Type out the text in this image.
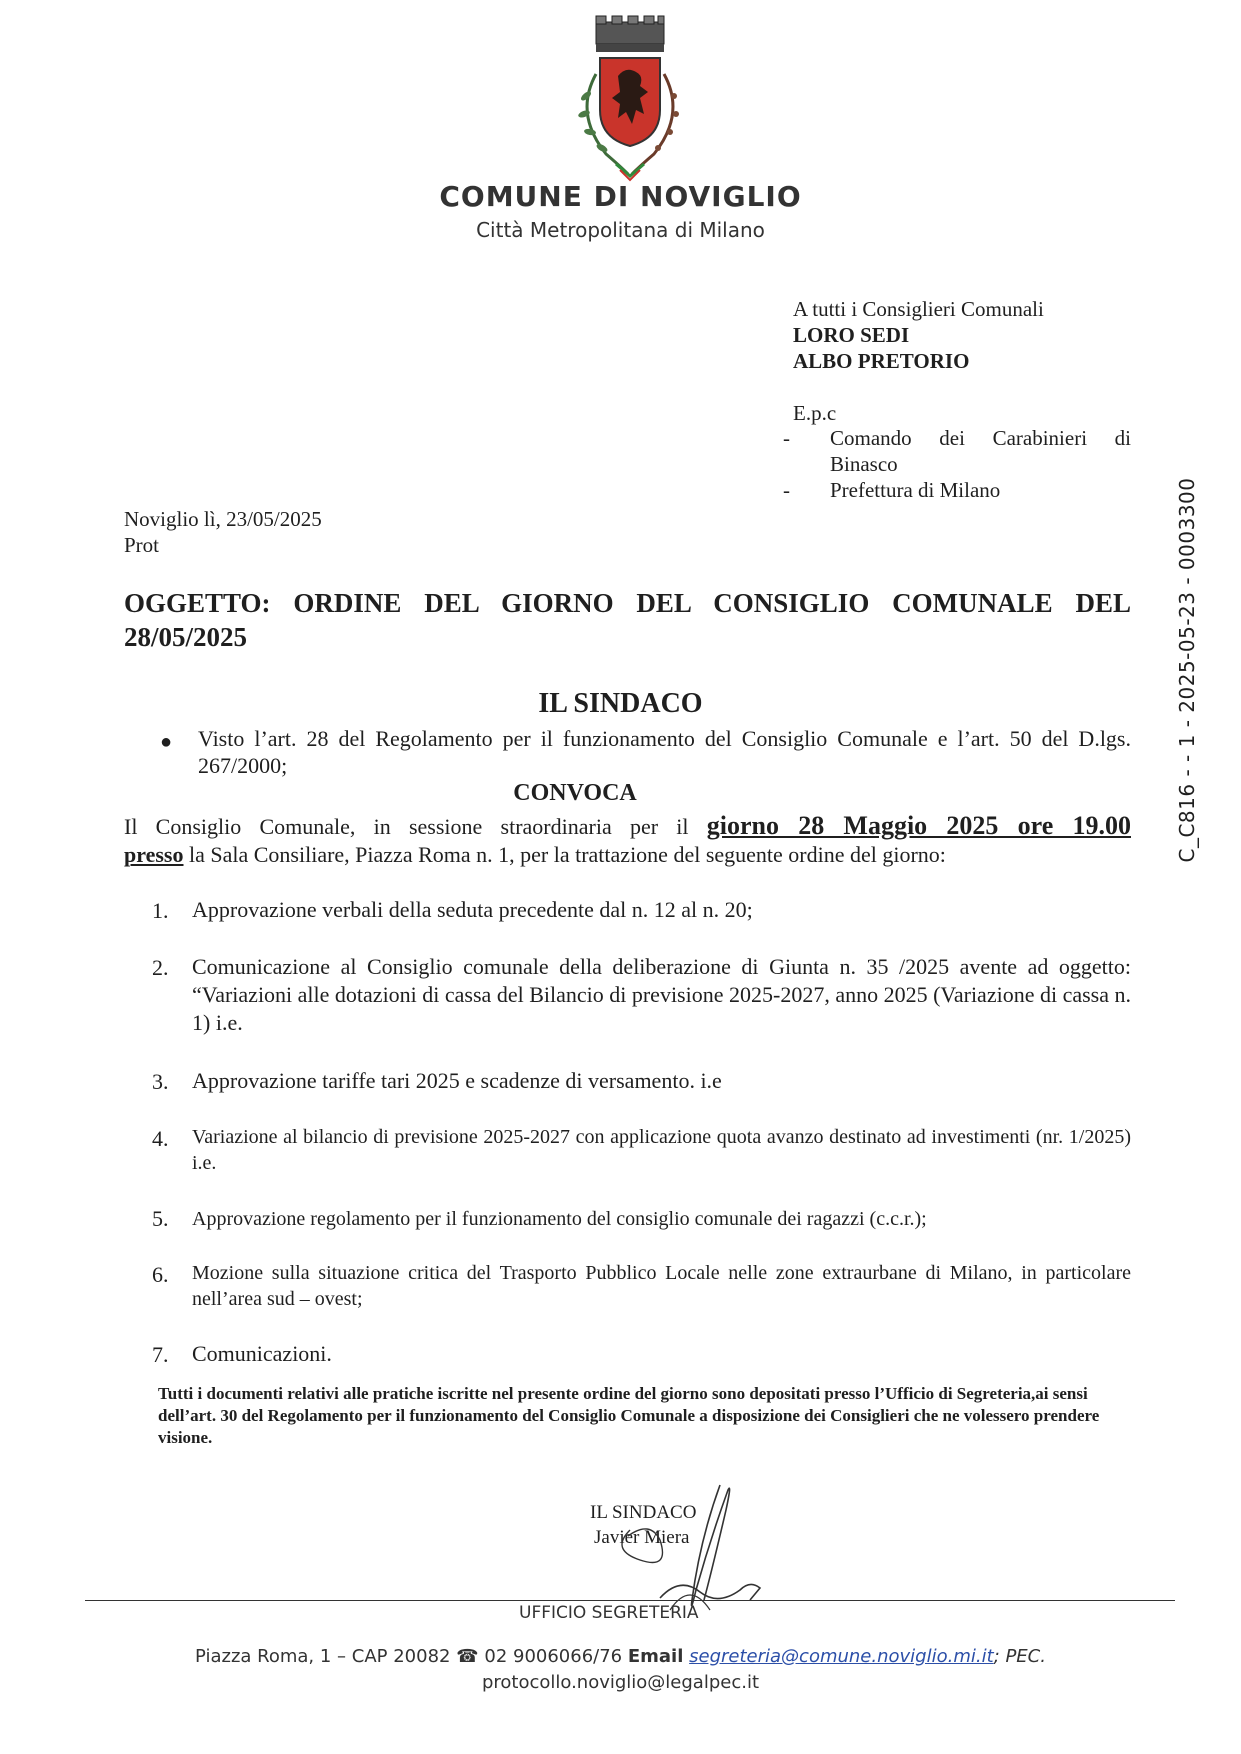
COMUNE DI NOVIGLIO
Città Metropolitana di Milano
A tutti i Consiglieri Comunali
LORO SEDI
ALBO PRETORIO
E.p.c
- Comando dei Carabinieri di
Binasco
- Prefettura di Milano
Noviglio lì, 23/05/2025
Prot
OGGETTO: ORDINE DEL GIORNO DEL CONSIGLIO COMUNALE DEL 28/05/2025
IL SINDACO
● Visto l’art. 28 del Regolamento per il funzionamento del Consiglio Comunale e l’art. 50 del D.lgs. 267/2000;
CONVOCA
Il Consiglio Comunale, in sessione straordinaria per il giorno 28 Maggio 2025 ore 19.00
presso la Sala Consiliare, Piazza Roma n. 1, per la trattazione del seguente ordine del giorno:
1. Approvazione verbali della seduta precedente dal n. 12 al n. 20;
2. Comunicazione al Consiglio comunale della deliberazione di Giunta n. 35 /2025 avente ad oggetto: “Variazioni alle dotazioni di cassa del Bilancio di previsione 2025-2027, anno 2025 (Variazione di cassa n. 1) i.e.
3. Approvazione tariffe tari 2025 e scadenze di versamento. i.e
4. Variazione al bilancio di previsione 2025-2027 con applicazione quota avanzo destinato ad investimenti (nr. 1/2025) i.e.
5. Approvazione regolamento per il funzionamento del consiglio comunale dei ragazzi (c.c.r.);
6. Mozione sulla situazione critica del Trasporto Pubblico Locale nelle zone extraurbane di Milano, in particolare nell’area sud – ovest;
7. Comunicazioni.
Tutti i documenti relativi alle pratiche iscritte nel presente ordine del giorno sono depositati presso l’Ufficio di Segreteria,ai sensi dell’art. 30 del Regolamento per il funzionamento del Consiglio Comunale a disposizione dei Consiglieri che ne volessero prendere visione.
IL SINDACO
Javier Miera
UFFICIO SEGRETERIA
Piazza Roma, 1 – CAP 20082 ☎ 02 9006066/76 Email segreteria@comune.noviglio.mi.it; PEC.
protocollo.noviglio@legalpec.it
C_C816 - - 1 - 2025-05-23 - 0003300
